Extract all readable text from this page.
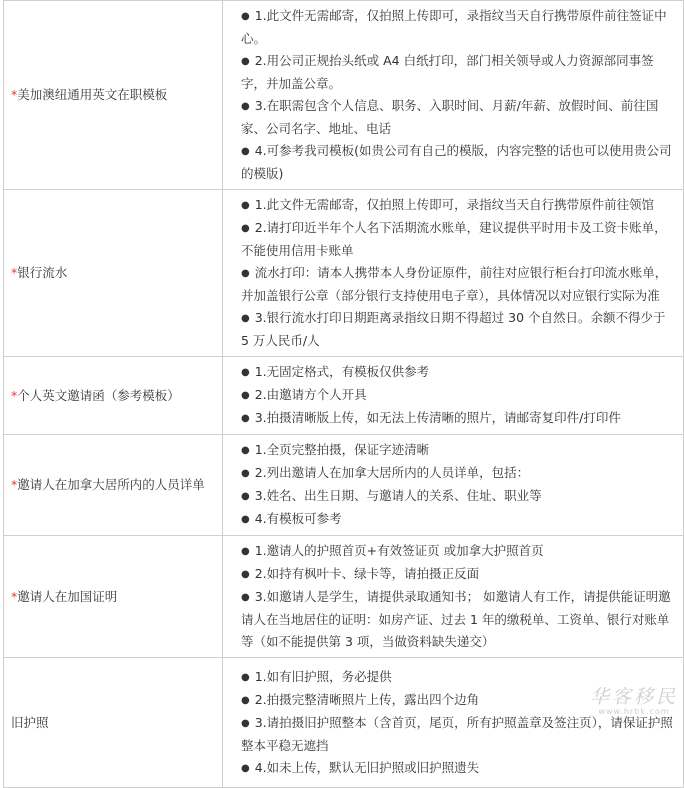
*美加澳纽通用英文在职模板	● 1.此文件无需邮寄，仅拍照上传即可，录指纹当天自行携带原件前往签证中心。
● 2.用公司正规抬头纸或 A4 白纸打印，部门相关领导或人力资源部同事签字，并加盖公章。
● 3.在职需包含个人信息、职务、入职时间、月薪/年薪、放假时间、前往国家、公司名字、地址、电话
● 4.可参考我司模板(如贵公司有自己的模版，内容完整的话也可以使用贵公司的模版)

*银行流水	● 1.此文件无需邮寄，仅拍照上传即可，录指纹当天自行携带原件前往领馆
● 2.请打印近半年个人名下活期流水账单，建议提供平时用卡及工资卡账单，不能使用信用卡账单
● 流水打印：请本人携带本人身份证原件，前往对应银行柜台打印流水账单，并加盖银行公章（部分银行支持使用电子章），具体情况以对应银行实际为准
● 3.银行流水打印日期距离录指纹日期不得超过 30 个自然日。余额不得少于 5 万人民币/人

*个人英文邀请函（参考模板）	● 1.无固定格式，有模板仅供参考
● 2.由邀请方个人开具
● 3.拍摄清晰版上传，如无法上传清晰的照片，请邮寄复印件/打印件

*邀请人在加拿大居所内的人员详单	● 1.全页完整拍摄，保证字迹清晰
● 2.列出邀请人在加拿大居所内的人员详单，包括：
● 3.姓名、出生日期、与邀请人的关系、住址、职业等
● 4.有模板可参考

*邀请人在加国证明	● 1.邀请人的护照首页+有效签证页 或加拿大护照首页
● 2.如持有枫叶卡、绿卡等，请拍摄正反面
● 3.如邀请人是学生，请提供录取通知书； 如邀请人有工作，请提供能证明邀请人在当地居住的证明：如房产证、过去 1 年的缴税单、工资单、银行对账单等（如不能提供第 3 项，当做资料缺失递交）

旧护照	● 1.如有旧护照，务必提供
● 2.拍摄完整清晰照片上传，露出四个边角
● 3.请拍摄旧护照整本（含首页，尾页，所有护照盖章及签注页），请保证护照整本平稳无遮挡
● 4.如未上传，默认无旧护照或旧护照遗失
华客移民
www.hrbk.com
